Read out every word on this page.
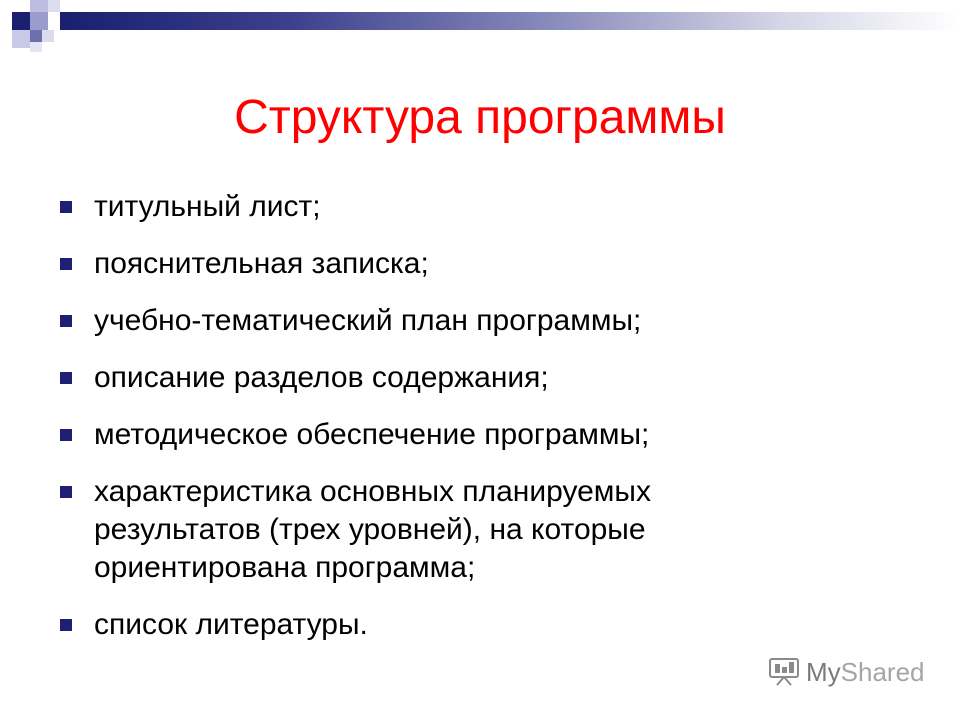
Структура программы
титульный лист;
пояснительная записка;
учебно-тематический план программы;
описание разделов содержания;
методическое обеспечение программы;
характеристика основных планируемых результатов (трех уровней), на которые ориентирована программа;
список литературы.
MyShared
